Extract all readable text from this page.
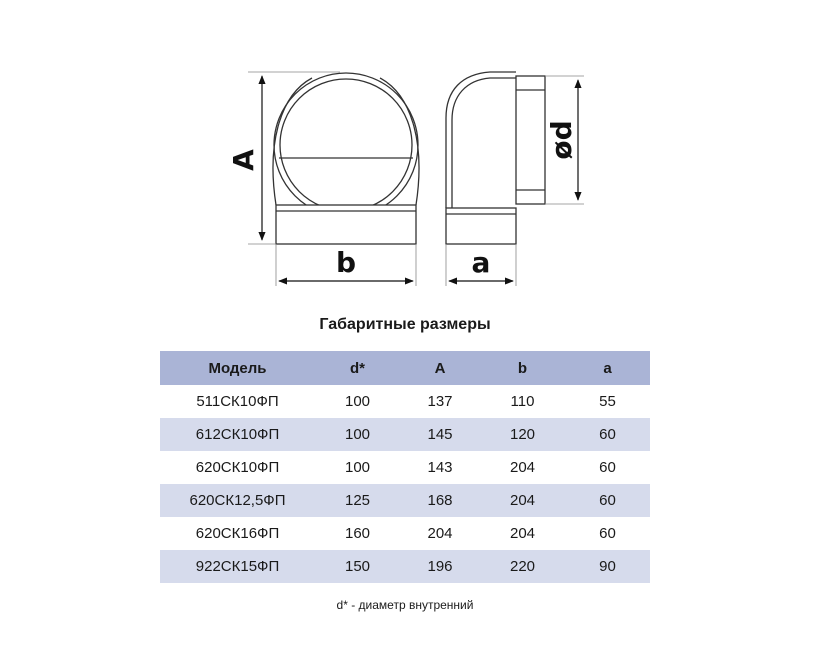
A
b
ød
a
Габаритные размеры
Модель	d*	A	b	a
511СК10ФП	100	137	110	55
612СК10ФП	100	145	120	60
620СК10ФП	100	143	204	60
620СК12,5ФП	125	168	204	60
620СК16ФП	160	204	204	60
922СК15ФП	150	196	220	90
d* - диаметр внутренний
